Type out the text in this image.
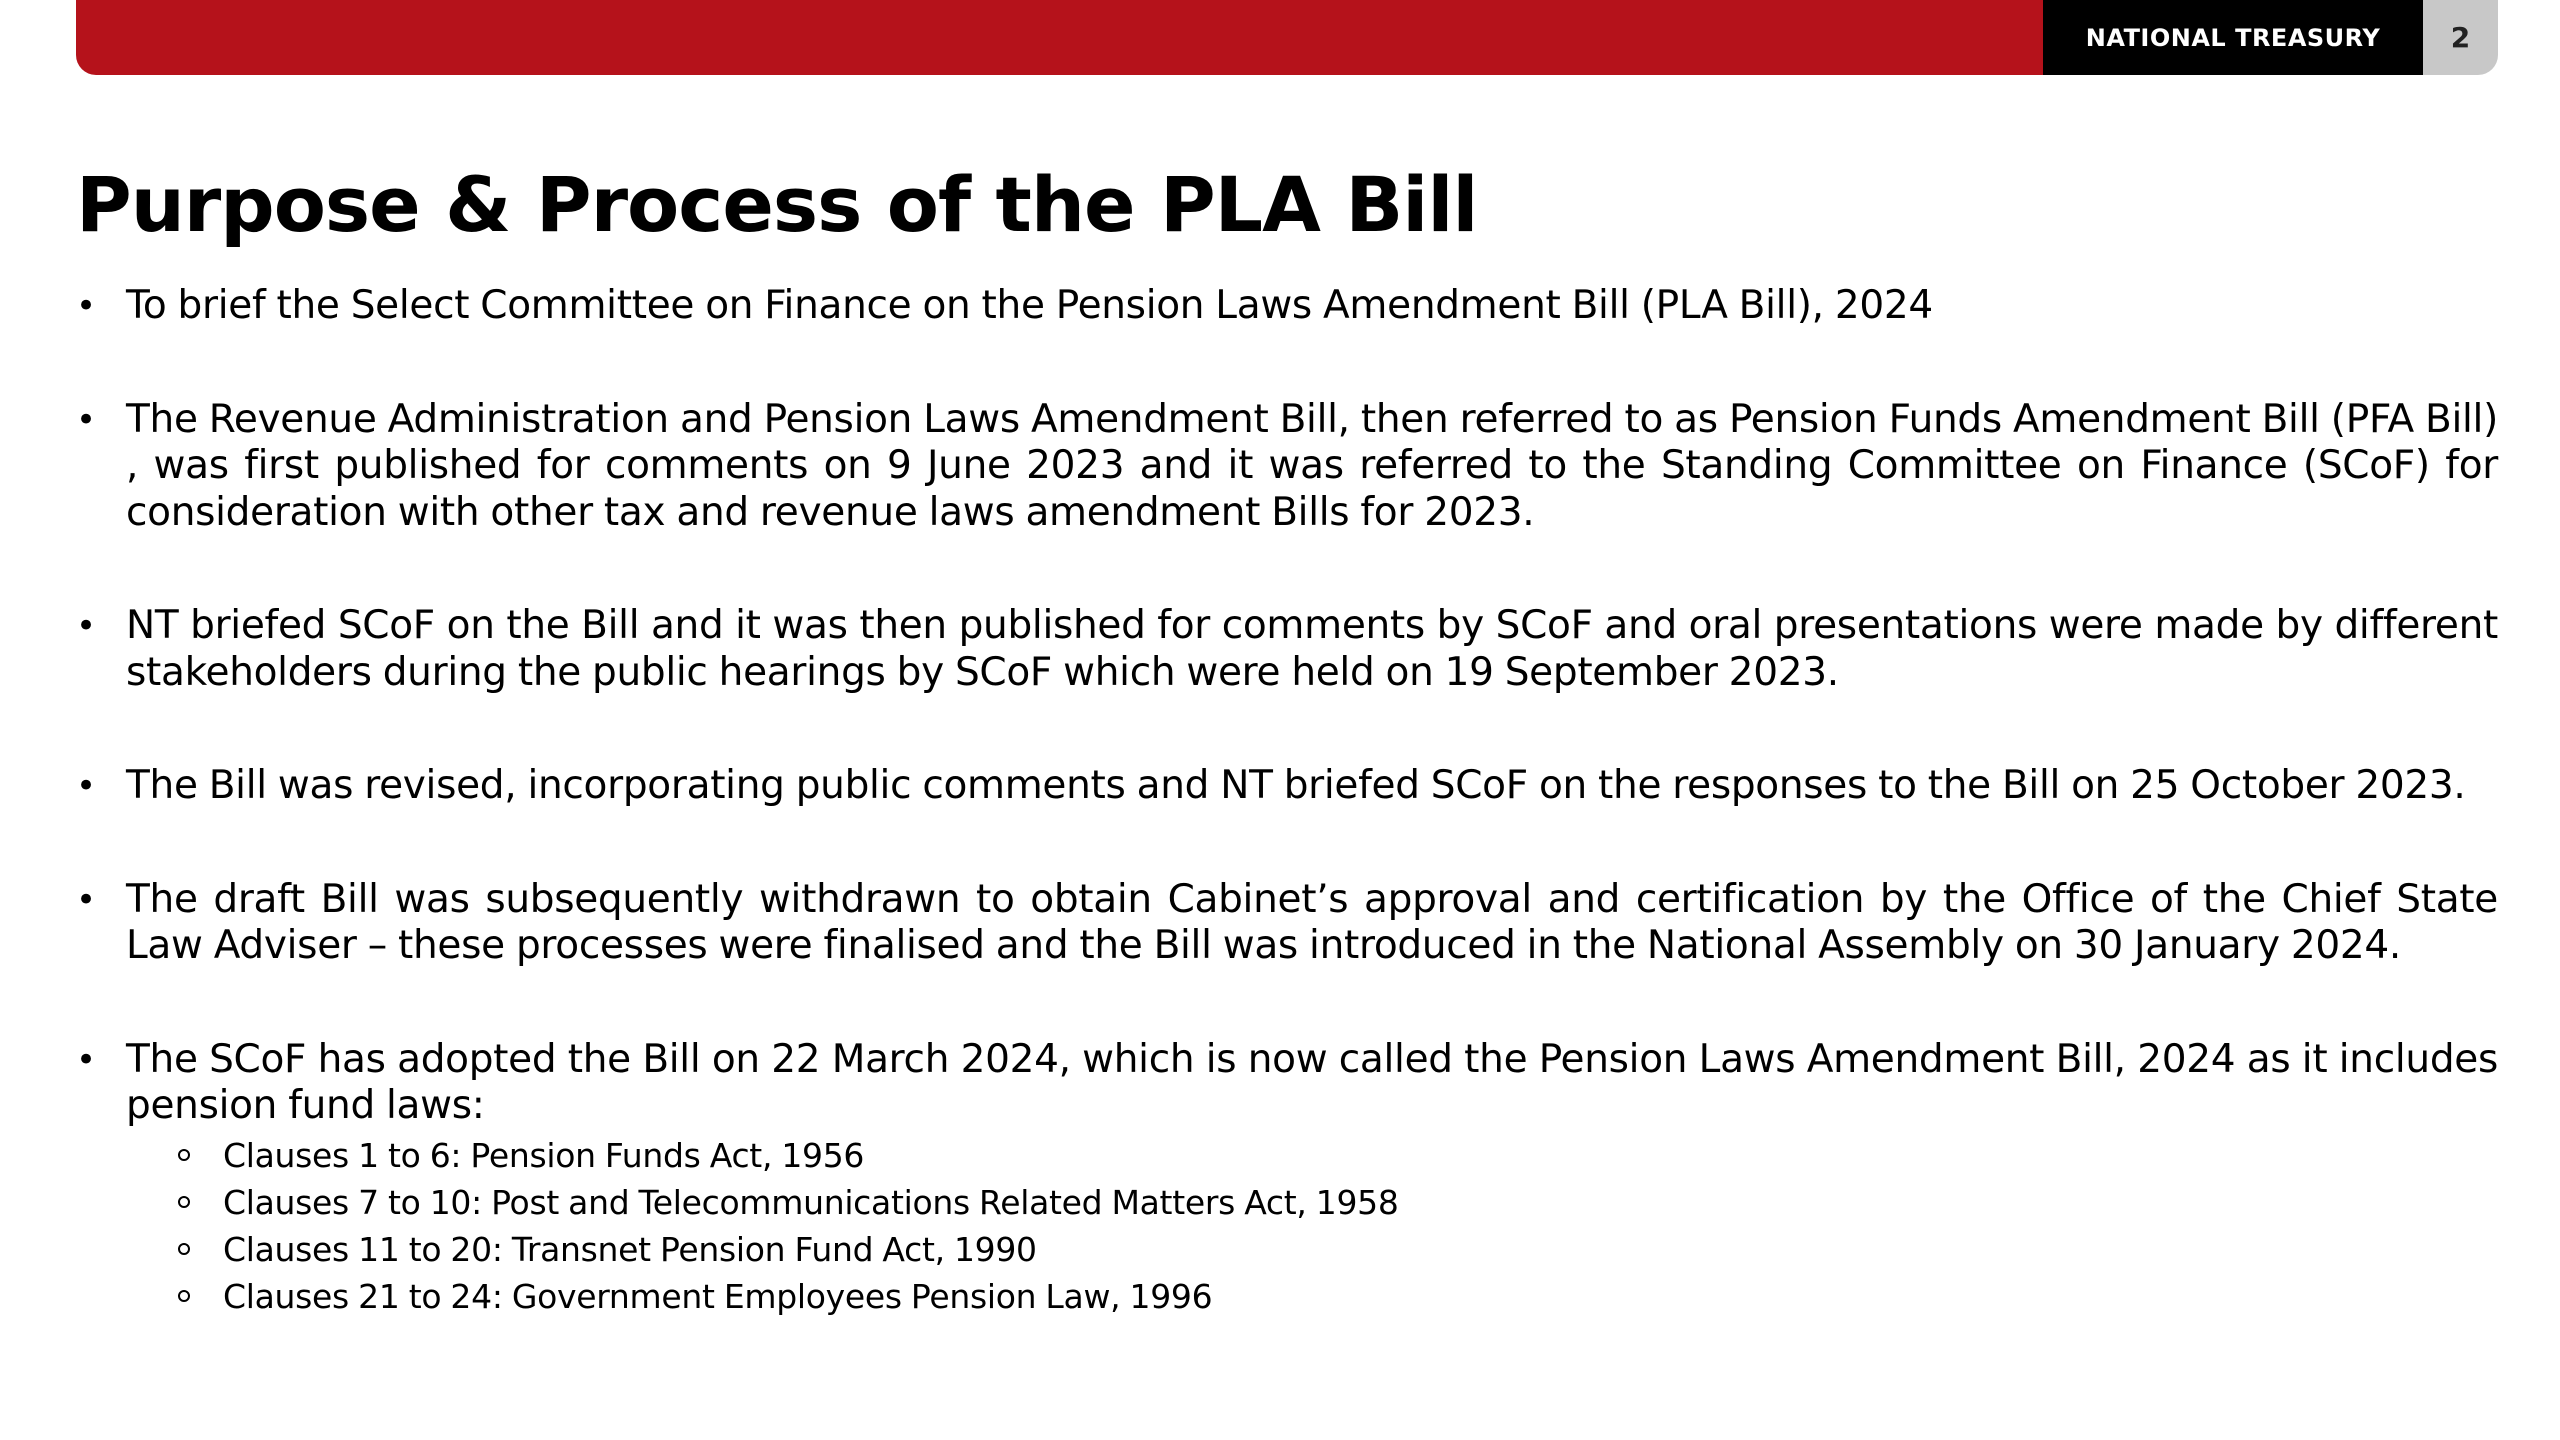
NATIONAL TREASURY	2
Purpose & Process of the PLA Bill
• To brief the Select Committee on Finance on the Pension Laws Amendment Bill (PLA Bill), 2024
• The Revenue Administration and Pension Laws Amendment Bill, then referred to as Pension Funds Amendment Bill (PFA Bill) , was first published for comments on 9 June 2023 and it was referred to the Standing Committee on Finance (SCoF) for consideration with other tax and revenue laws amendment Bills for 2023.
• NT briefed SCoF on the Bill and it was then published for comments by SCoF and oral presentations were made by different stakeholders during the public hearings by SCoF which were held on 19 September 2023.
• The Bill was revised, incorporating public comments and NT briefed SCoF on the responses to the Bill on 25 October 2023.
• The draft Bill was subsequently withdrawn to obtain Cabinet’s approval and certification by the Office of the Chief State Law Adviser – these processes were finalised and the Bill was introduced in the National Assembly on 30 January 2024.
• The SCoF has adopted the Bill on 22 March 2024, which is now called the Pension Laws Amendment Bill, 2024 as it includes pension fund laws:
Clauses 1 to 6: Pension Funds Act, 1956
Clauses 7 to 10: Post and Telecommunications Related Matters Act, 1958
Clauses 11 to 20: Transnet Pension Fund Act, 1990
Clauses 21 to 24: Government Employees Pension Law, 1996
